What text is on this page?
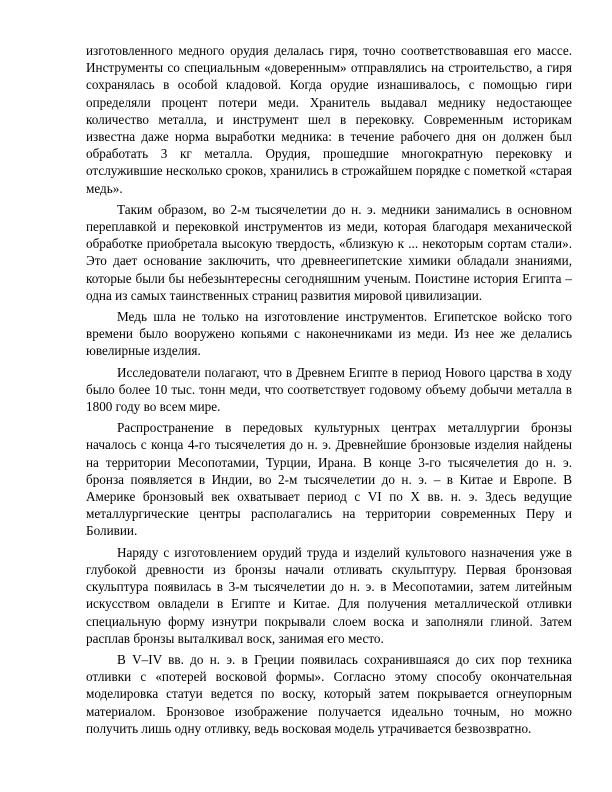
изготовленного медного орудия делалась гиря, точно соответствовавшая его массе. Инструменты со специальным «доверенным» отправлялись на строительство, а гиря сохранялась в особой кладовой. Когда орудие изнашивалось, с помощью гири определяли процент потери меди. Хранитель выдавал меднику недостающее количество металла, и инструмент шел в перековку. Современным историкам известна даже норма выработки медника: в течение рабочего дня он должен был обработать 3 кг металла. Орудия, прошедшие многократную перековку и отслужившие несколько сроков, хранились в строжайшем порядке с пометкой «старая медь».

Таким образом, во 2-м тысячелетии до н. э. медники занимались в основном переплавкой и перековкой инструментов из меди, которая благодаря механической обработке приобретала высокую твердость, «близкую к ... некоторым сортам стали». Это дает основание заключить, что древнеегипетские химики обладали знаниями, которые были бы небезынтересны сегодняшним ученым. Поистине история Египта – одна из самых таинственных страниц развития мировой цивилизации.

Медь шла не только на изготовление инструментов. Египетское войско того времени было вооружено копьями с наконечниками из меди. Из нее же делались ювелирные изделия.

Исследователи полагают, что в Древнем Египте в период Нового царства в ходу было более 10 тыс. тонн меди, что соответствует годовому объему добычи металла в 1800 году во всем мире.

Распространение в передовых культурных центрах металлургии бронзы началось с конца 4-го тысячелетия до н. э. Древнейшие бронзовые изделия найдены на территории Месопотамии, Турции, Ирана. В конце 3-го тысячелетия до н. э. бронза появляется в Индии, во 2-м тысячелетии до н. э. – в Китае и Европе. В Америке бронзовый век охватывает период с VI по X вв. н. э. Здесь ведущие металлургические центры располагались на территории современных Перу и Боливии.

Наряду с изготовлением орудий труда и изделий культового назначения уже в глубокой древности из бронзы начали отливать скульптуру. Первая бронзовая скульптура появилась в 3-м тысячелетии до н. э. в Месопотамии, затем литейным искусством овладели в Египте и Китае. Для получения металлической отливки специальную форму изнутри покрывали слоем воска и заполняли глиной. Затем расплав бронзы выталкивал воск, занимая его место.

В V–IV вв. до н. э. в Греции появилась сохранившаяся до сих пор техника отливки с «потерей восковой формы». Согласно этому способу окончательная моделировка статуи ведется по воску, который затем покрывается огнеупорным материалом. Бронзовое изображение получается идеально точным, но можно получить лишь одну отливку, ведь восковая модель утрачивается безвозвратно.
